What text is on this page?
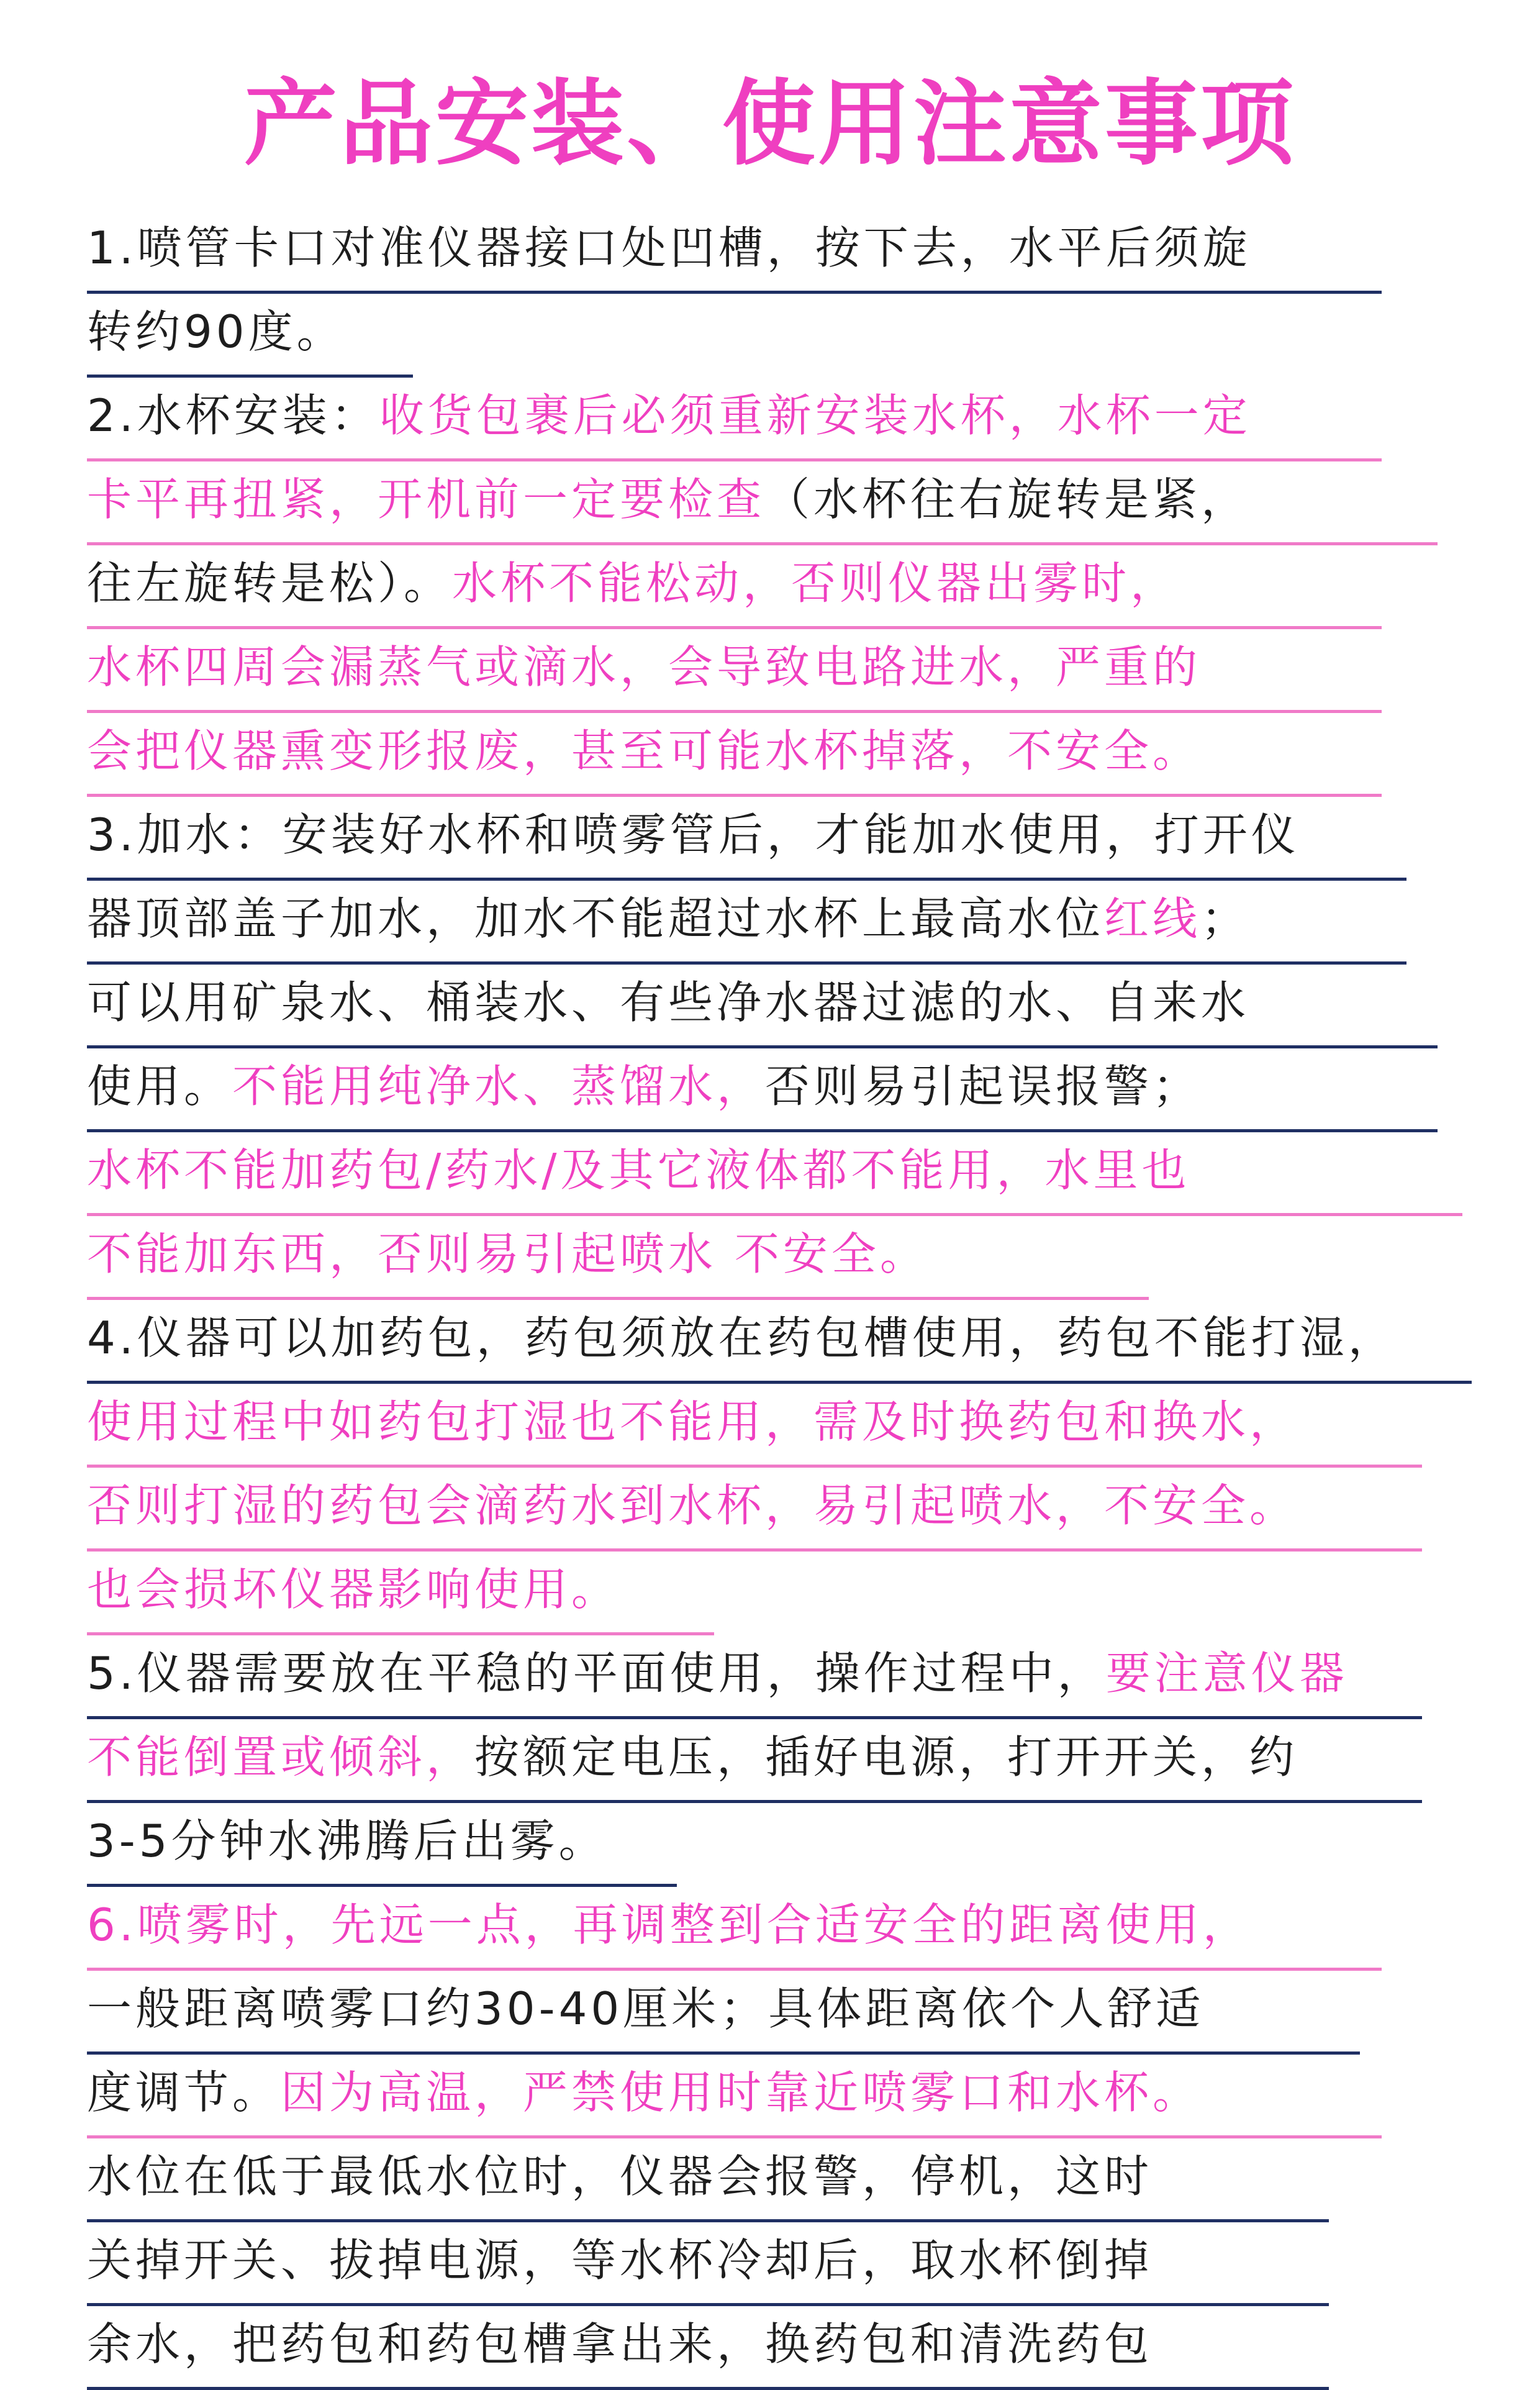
产品安装、使用注意事项
1.喷管卡口对准仪器接口处凹槽，按下去，水平后须旋
转约90度。
2.水杯安装：收货包裹后必须重新安装水杯，水杯一定
卡平再扭紧，开机前一定要检查（水杯往右旋转是紧，
往左旋转是松）。水杯不能松动，否则仪器出雾时，
水杯四周会漏蒸气或滴水，会导致电路进水，严重的
会把仪器熏变形报废，甚至可能水杯掉落，不安全。
3.加水：安装好水杯和喷雾管后，才能加水使用，打开仪
器顶部盖子加水，加水不能超过水杯上最高水位红线；
可以用矿泉水、桶装水、有些净水器过滤的水、自来水
使用。不能用纯净水、蒸馏水，否则易引起误报警；
水杯不能加药包/药水/及其它液体都不能用，水里也
不能加东西，否则易引起喷水 不安全。
4.仪器可以加药包，药包须放在药包槽使用，药包不能打湿，
使用过程中如药包打湿也不能用，需及时换药包和换水，
否则打湿的药包会滴药水到水杯，易引起喷水，不安全。
也会损坏仪器影响使用。
5.仪器需要放在平稳的平面使用，操作过程中，要注意仪器
不能倒置或倾斜，按额定电压，插好电源，打开开关，约
3-5分钟水沸腾后出雾。
6.喷雾时，先远一点，再调整到合适安全的距离使用，
一般距离喷雾口约30-40厘米；具体距离依个人舒适
度调节。因为高温，严禁使用时靠近喷雾口和水杯。
水位在低于最低水位时，仪器会报警，停机，这时
关掉开关、拔掉电源，等水杯冷却后，取水杯倒掉
余水，把药包和药包槽拿出来，换药包和清洗药包
